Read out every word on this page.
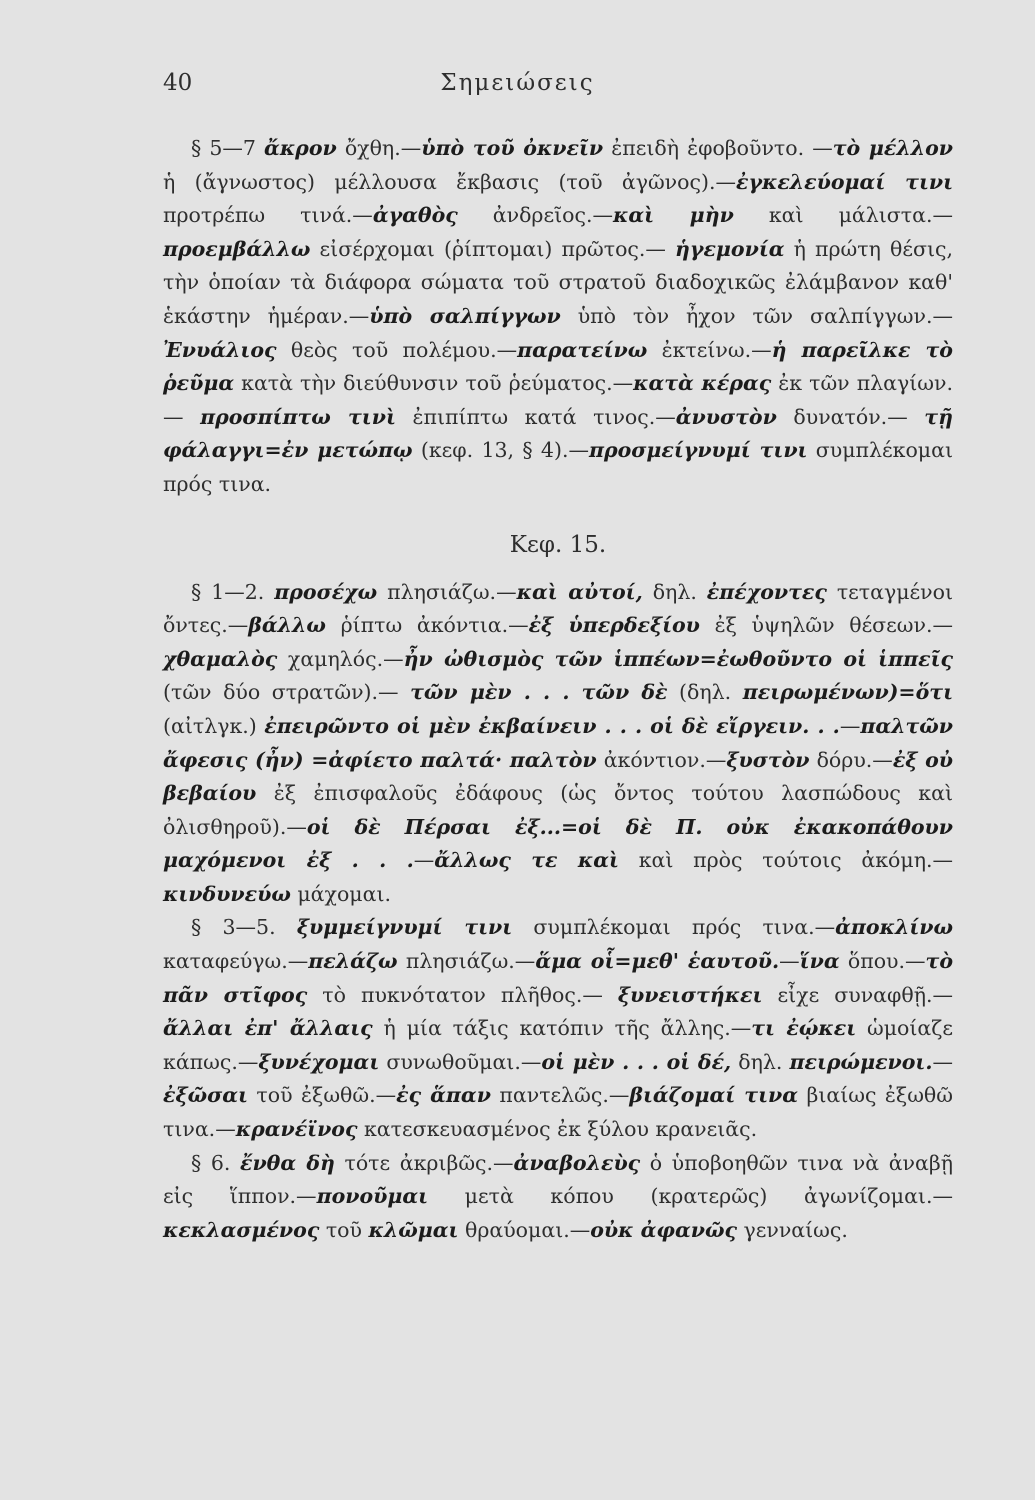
40	Σημειώσεις

§ 5—7 ἄκρον ὄχθη.—ὑπὸ τοῦ ὀκνεῖν ἐπειδὴ ἐφοβοῦντο. —τὸ μέλλον ἡ (ἄγνωστος) μέλλουσα ἔκβασις (τοῦ ἀγῶνος).—ἐγκελεύομαί τινι προτρέπω τινά.—ἀγαθὸς ἀνδρεῖος.—καὶ μὴν καὶ μάλιστα.—προεμβάλλω εἰσέρχομαι (ῥίπτομαι) πρῶτος.— ἡγεμονία ἡ πρώτη θέσις, τὴν ὁποίαν τὰ διάφορα σώματα τοῦ στρατοῦ διαδοχικῶς ἐλάμβανον καθ' ἑκάστην ἡμέραν.—ὑπὸ σαλπίγγων ὑπὸ τὸν ἦχον τῶν σαλπίγγων.—Ἐνυάλιος θεὸς τοῦ πολέμου.—παρατείνω ἐκτείνω.—ἡ παρεῖλκε τὸ ῥεῦμα κατὰ τὴν διεύθυνσιν τοῦ ῥεύματος.—κατὰ κέρας ἐκ τῶν πλαγίων.— προσπίπτω τινὶ ἐπιπίπτω κατά τινος.—ἀνυστὸν δυνατόν.— τῇ φάλαγγι=ἐν μετώπῳ (κεφ. 13, § 4).—προσμείγνυμί τινι συμπλέκομαι πρός τινα.

Κεφ. 15.

§ 1—2. προσέχω πλησιάζω.—καὶ αὐτοί, δηλ. ἐπέχοντες τεταγμένοι ὄντες.—βάλλω ῥίπτω ἀκόντια.—ἐξ ὑπερδεξίου ἐξ ὑψηλῶν θέσεων.—χθαμαλὸς χαμηλός.—ἦν ὠθισμὸς τῶν ἱππέων=ἐωθοῦντο οἱ ἱππεῖς (τῶν δύο στρατῶν).— τῶν μὲν . . . τῶν δὲ (δηλ. πειρωμένων)=ὅτι (αἰτλγκ.) ἐπειρῶντο οἱ μὲν ἐκβαίνειν . . . οἱ δὲ εἴργειν. . .—παλτῶν ἄφεσις (ἦν) =ἀφίετο παλτά· παλτὸν ἀκόντιον.—ξυστὸν δόρυ.—ἐξ οὐ βεβαίου ἐξ ἐπισφαλοῦς ἐδάφους (ὡς ὄντος τούτου λασπώδους καὶ ὀλισθηροῦ).—οἱ δὲ Πέρσαι ἐξ...=οἱ δὲ Π. οὐκ ἐκακοπάθουν μαχόμενοι ἐξ . . .—ἄλλως τε καὶ καὶ πρὸς τούτοις ἀκόμη.— κινδυνεύω μάχομαι.

§ 3—5. ξυμμείγνυμί τινι συμπλέκομαι πρός τινα.—ἀποκλίνω καταφεύγω.—πελάζω πλησιάζω.—ἅμα οἷ=μεθ' ἑαυτοῦ.—ἵνα ὅπου.—τὸ πᾶν στῖφος τὸ πυκνότατον πλῆθος.— ξυνειστήκει εἶχε συναφθῇ.—ἄλλαι ἐπ' ἄλλαις ἡ μία τάξις κατόπιν τῆς ἄλλης.—τι ἐῴκει ὡμοίαζε κάπως.—ξυνέχομαι συνωθοῦμαι.—οἱ μὲν . . . οἱ δέ, δηλ. πειρώμενοι.—ἐξῶσαι τοῦ ἐξωθῶ.—ἐς ἅπαν παντελῶς.—βιάζομαί τινα βιαίως ἐξωθῶ τινα.—κρανέϊνος κατεσκευασμένος ἐκ ξύλου κρανειᾶς.

§ 6. ἔνθα δὴ τότε ἀκριβῶς.—ἀναβολεὺς ὁ ὑποβοηθῶν τινα νὰ ἀναβῇ εἰς ἵππον.—πονοῦμαι μετὰ κόπου (κρατερῶς) ἀγωνίζομαι.—κεκλασμένος τοῦ κλῶμαι θραύομαι.—οὐκ ἀφανῶς γενναίως.
